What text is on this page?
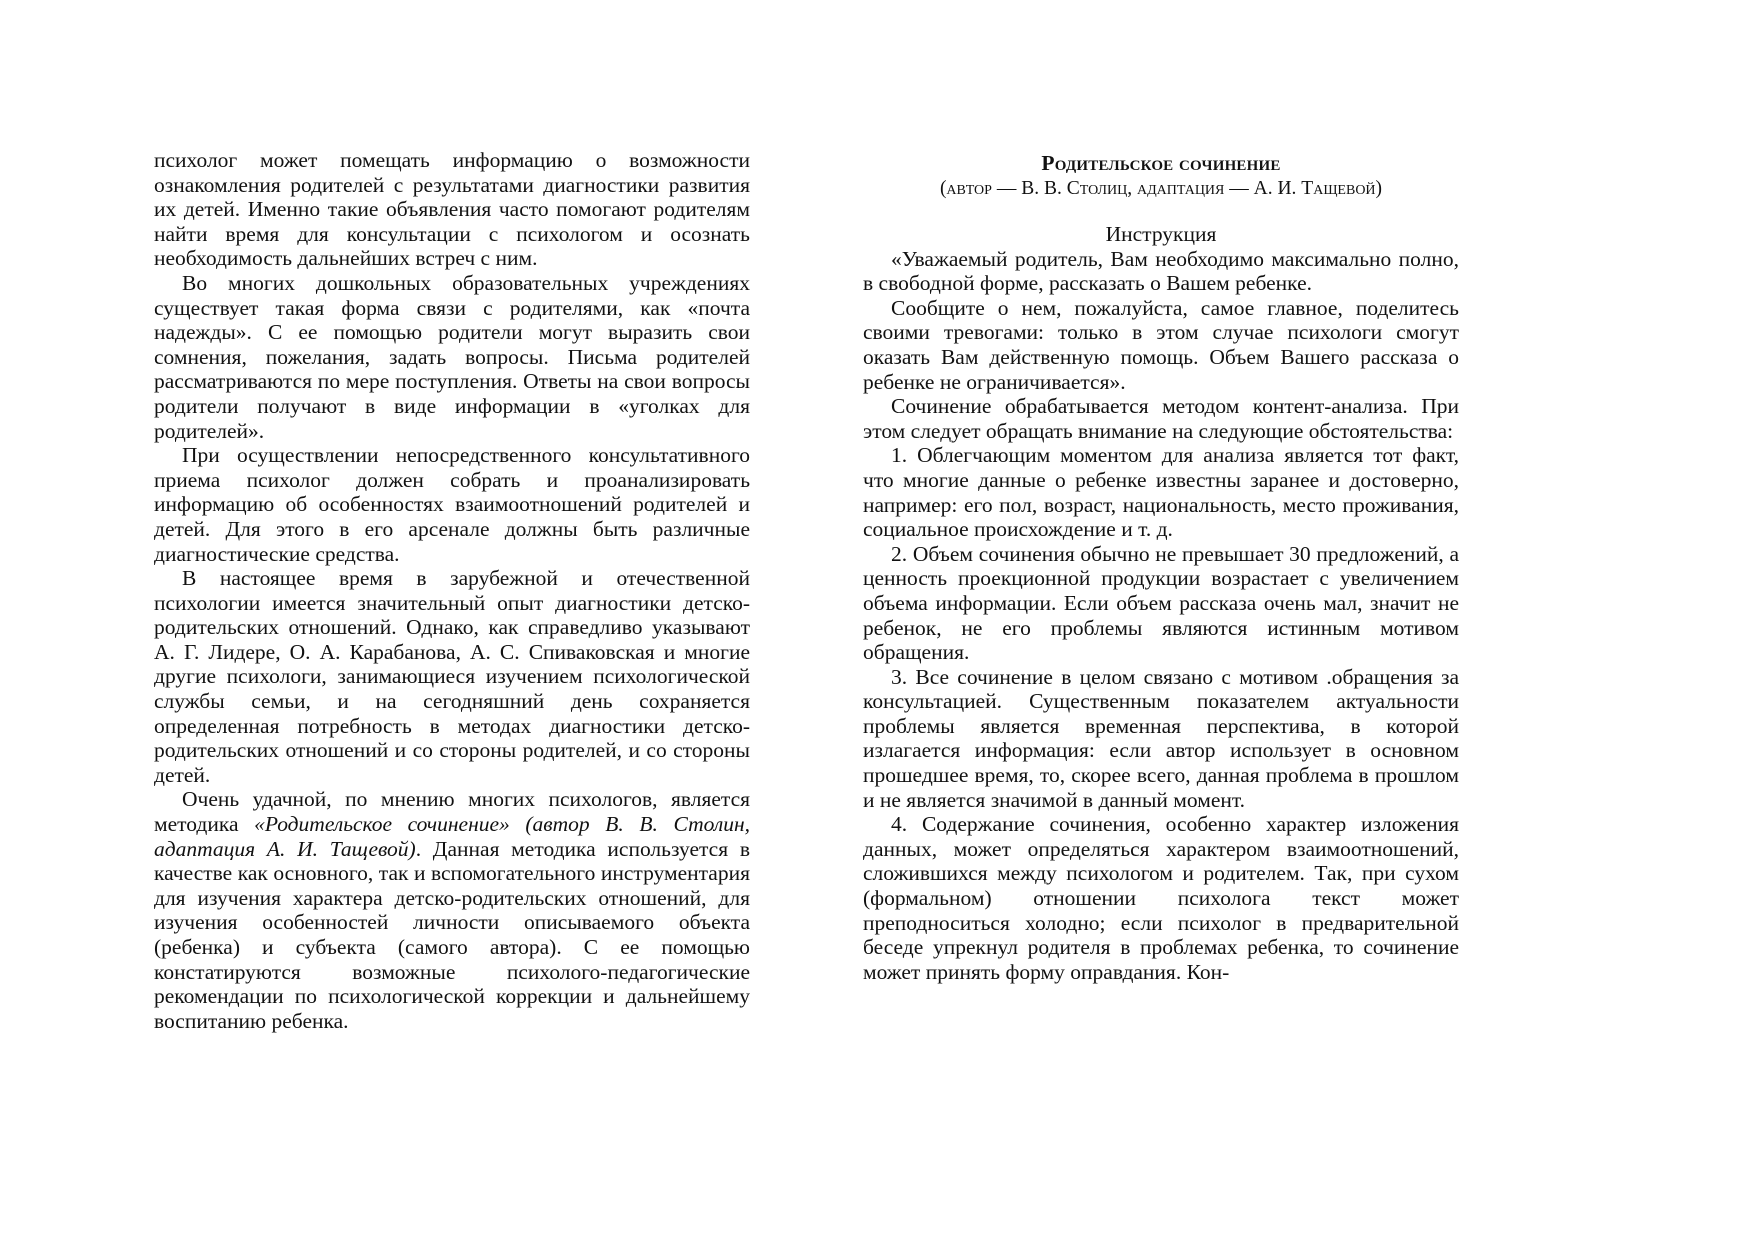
психолог может помещать информацию о возможности ознакомления родителей с результатами диагностики развития их детей. Именно такие объявления часто помогают родителям найти время для консультации с психологом и осознать необходимость дальнейших встреч с ним.

Во многих дошкольных образовательных учреждениях существует такая форма связи с родителями, как «почта надежды». С ее помощью родители могут выразить свои сомнения, пожелания, задать вопросы. Письма родителей рассматриваются по мере поступления. Ответы на свои вопросы родители получают в виде информации в «уголках для родителей».

При осуществлении непосредственного консультативного приема психолог должен собрать и проанализировать информацию об особенностях взаимоотношений родителей и детей. Для этого в его арсенале должны быть различные диагностические средства.

В настоящее время в зарубежной и отечественной психологии имеется значительный опыт диагностики детско-родительских отношений. Однако, как справедливо указывают А. Г. Лидере, О. А. Карабанова, А. С. Спиваковская и многие другие психологи, занимающиеся изучением психологической службы семьи, и на сегодняшний день сохраняется определенная потребность в методах диагностики детско-родительских отношений и со стороны родителей, и со стороны детей.

Очень удачной, по мнению многих психологов, является методика «Родительское сочинение» (автор В. В. Столин, адаптация А. И. Тащевой). Данная методика используется в качестве как основного, так и вспомогательного инструментария для изучения характера детско-родительских отношений, для изучения особенностей личности описываемого объекта (ребенка) и субъекта (самого автора). С ее помощью констатируются возможные психолого-педагогические рекомендации по психологической коррекции и дальнейшему воспитанию ребенка.

Родительское сочинение
(автор — В. В. Столиц, адаптация — А. И. Тащевой)

Инструкция

«Уважаемый родитель, Вам необходимо максимально полно, в свободной форме, рассказать о Вашем ребенке.

Сообщите о нем, пожалуйста, самое главное, поделитесь своими тревогами: только в этом случае психологи смогут оказать Вам действенную помощь. Объем Вашего рассказа о ребенке не ограничивается».

Сочинение обрабатывается методом контент-анализа. При этом следует обращать внимание на следующие обстоятельства:

1. Облегчающим моментом для анализа является тот факт, что многие данные о ребенке известны заранее и достоверно, например: его пол, возраст, национальность, место проживания, социальное происхождение и т. д.

2. Объем сочинения обычно не превышает 30 предложений, а ценность проекционной продукции возрастает с увеличением объема информации. Если объем рассказа очень мал, значит не ребенок, не его проблемы являются истинным мотивом обращения.

3. Все сочинение в целом связано с мотивом .обращения за консультацией. Существенным показателем актуальности проблемы является временная перспектива, в которой излагается информация: если автор использует в основном прошедшее время, то, скорее всего, данная проблема в прошлом и не является значимой в данный момент.

4. Содержание сочинения, особенно характер изложения данных, может определяться характером взаимоотношений, сложившихся между психологом и родителем. Так, при сухом (формальном) отношении психолога текст может преподноситься холодно; если психолог в предварительной беседе упрекнул родителя в проблемах ребенка, то сочинение может принять форму оправдания. Кон-
